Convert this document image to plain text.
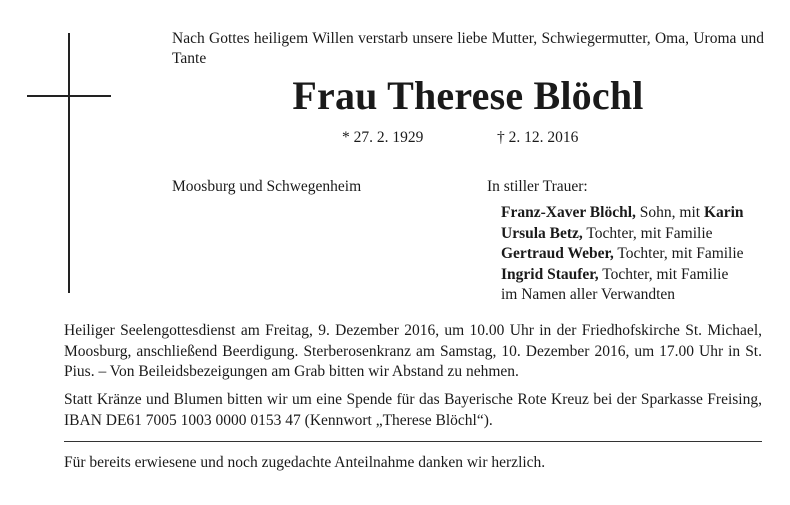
Nach Gottes heiligem Willen verstarb unsere liebe Mutter, Schwiegermutter, Oma, Uroma und Tante
Frau Therese Blöchl
* 27. 2. 1929	† 2. 12. 2016
Moosburg und Schwegenheim	In stiller Trauer:
Franz-Xaver Blöchl, Sohn, mit Karin
Ursula Betz, Tochter, mit Familie
Gertraud Weber, Tochter, mit Familie
Ingrid Staufer, Tochter, mit Familie
im Namen aller Verwandten
Heiliger Seelengottesdienst am Freitag, 9. Dezember 2016, um 10.00 Uhr in der Friedhofskirche St. Michael, Moosburg, anschließend Beerdigung. Sterberosenkranz am Samstag, 10. Dezember 2016, um 17.00 Uhr in St. Pius. – Von Beileidsbezeigungen am Grab bitten wir Abstand zu nehmen.
Statt Kränze und Blumen bitten wir um eine Spende für das Bayerische Rote Kreuz bei der Sparkasse Freising, IBAN DE61 7005 1003 0000 0153 47 (Kennwort „Therese Blöchl“).
Für bereits erwiesene und noch zugedachte Anteilnahme danken wir herzlich.
